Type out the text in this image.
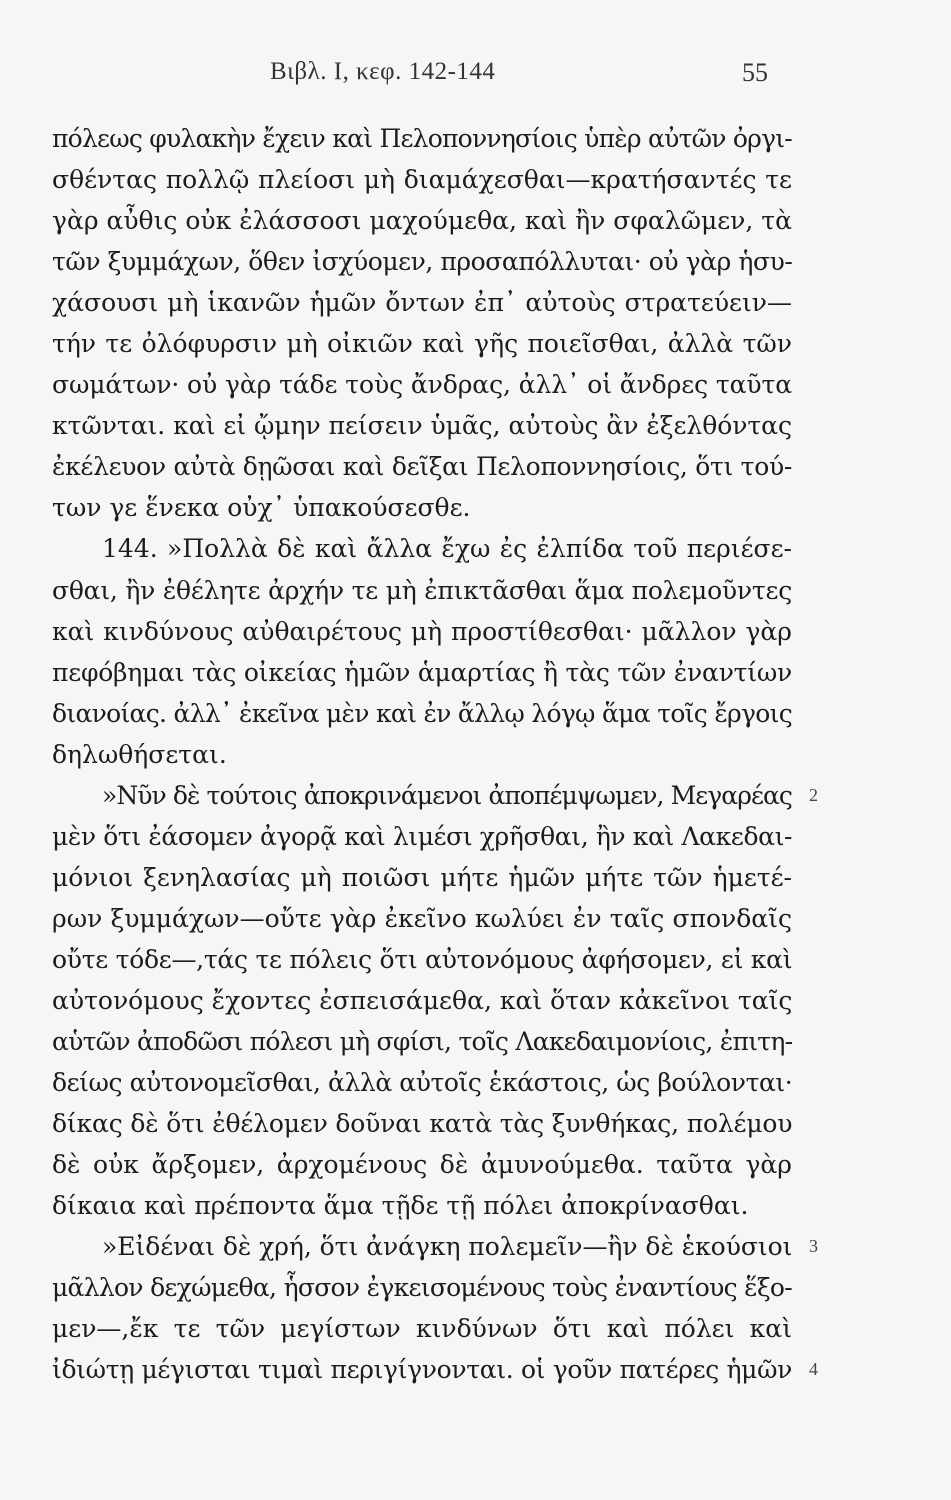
Βιβλ. Ι, κεφ. 142-144	55
πόλεως φυλακὴν ἔχειν καὶ Πελοποννησίοις ὑπὲρ αὐτῶν ὀργι-
σθέντας πολλῷ πλείοσι μὴ διαμάχεσθαι—κρατήσαντές τε
γὰρ αὖθις οὐκ ἐλάσσοσι μαχούμεθα, καὶ ἢν σφαλῶμεν, τὰ
τῶν ξυμμάχων, ὅθεν ἰσχύομεν, προσαπόλλυται· οὐ γὰρ ἡσυ-
χάσουσι μὴ ἱκανῶν ἡμῶν ὄντων ἐπ᾽ αὐτοὺς στρατεύειν—
τήν τε ὀλόφυρσιν μὴ οἰκιῶν καὶ γῆς ποιεῖσθαι, ἀλλὰ τῶν
σωμάτων· οὐ γὰρ τάδε τοὺς ἄνδρας, ἀλλ᾽ οἱ ἄνδρες ταῦτα
κτῶνται. καὶ εἰ ᾤμην πείσειν ὑμᾶς, αὐτοὺς ἂν ἐξελθόντας
ἐκέλευον αὐτὰ δῃῶσαι καὶ δεῖξαι Πελοποννησίοις, ὅτι τού-
των γε ἕνεκα οὐχ᾽ ὑπακούσεσθε.
144. »Πολλὰ δὲ καὶ ἄλλα ἔχω ἐς ἐλπίδα τοῦ περιέσε-
σθαι, ἢν ἐθέλητε ἀρχήν τε μὴ ἐπικτᾶσθαι ἅμα πολεμοῦντες
καὶ κινδύνους αὐθαιρέτους μὴ προστίθεσθαι· μᾶλλον γὰρ
πεφόβημαι τὰς οἰκείας ἡμῶν ἁμαρτίας ἢ τὰς τῶν ἐναντίων
διανοίας. ἀλλ᾽ ἐκεῖνα μὲν καὶ ἐν ἄλλῳ λόγῳ ἅμα τοῖς ἔργοις
δηλωθήσεται.
»Νῦν δὲ τούτοις ἀποκρινάμενοι ἀποπέμψωμεν, Μεγαρέας 2
μὲν ὅτι ἐάσομεν ἀγορᾷ καὶ λιμέσι χρῆσθαι, ἢν καὶ Λακεδαι-
μόνιοι ξενηλασίας μὴ ποιῶσι μήτε ἡμῶν μήτε τῶν ἡμετέ-
ρων ξυμμάχων—οὔτε γὰρ ἐκεῖνο κωλύει ἐν ταῖς σπονδαῖς
οὔτε τόδε—,τάς τε πόλεις ὅτι αὐτονόμους ἀφήσομεν, εἰ καὶ
αὐτονόμους ἔχοντες ἐσπεισάμεθα, καὶ ὅταν κἀκεῖνοι ταῖς
αὑτῶν ἀποδῶσι πόλεσι μὴ σφίσι, τοῖς Λακεδαιμονίοις, ἐπιτη-
δείως αὐτονομεῖσθαι, ἀλλὰ αὐτοῖς ἑκάστοις, ὡς βούλονται·
δίκας δὲ ὅτι ἐθέλομεν δοῦναι κατὰ τὰς ξυνθήκας, πολέμου
δὲ οὐκ ἄρξομεν, ἀρχομένους δὲ ἀμυνούμεθα. ταῦτα γὰρ
δίκαια καὶ πρέποντα ἅμα τῇδε τῇ πόλει ἀποκρίνασθαι.
»Εἰδέναι δὲ χρή, ὅτι ἀνάγκη πολεμεῖν—ἢν δὲ ἑκούσιοι 3
μᾶλλον δεχώμεθα, ἧσσον ἐγκεισομένους τοὺς ἐναντίους ἕξο-
μεν—,ἔκ τε τῶν μεγίστων κινδύνων ὅτι καὶ πόλει καὶ
ἰδιώτῃ μέγισται τιμαὶ περιγίγνονται. οἱ γοῦν πατέρες ἡμῶν 4
